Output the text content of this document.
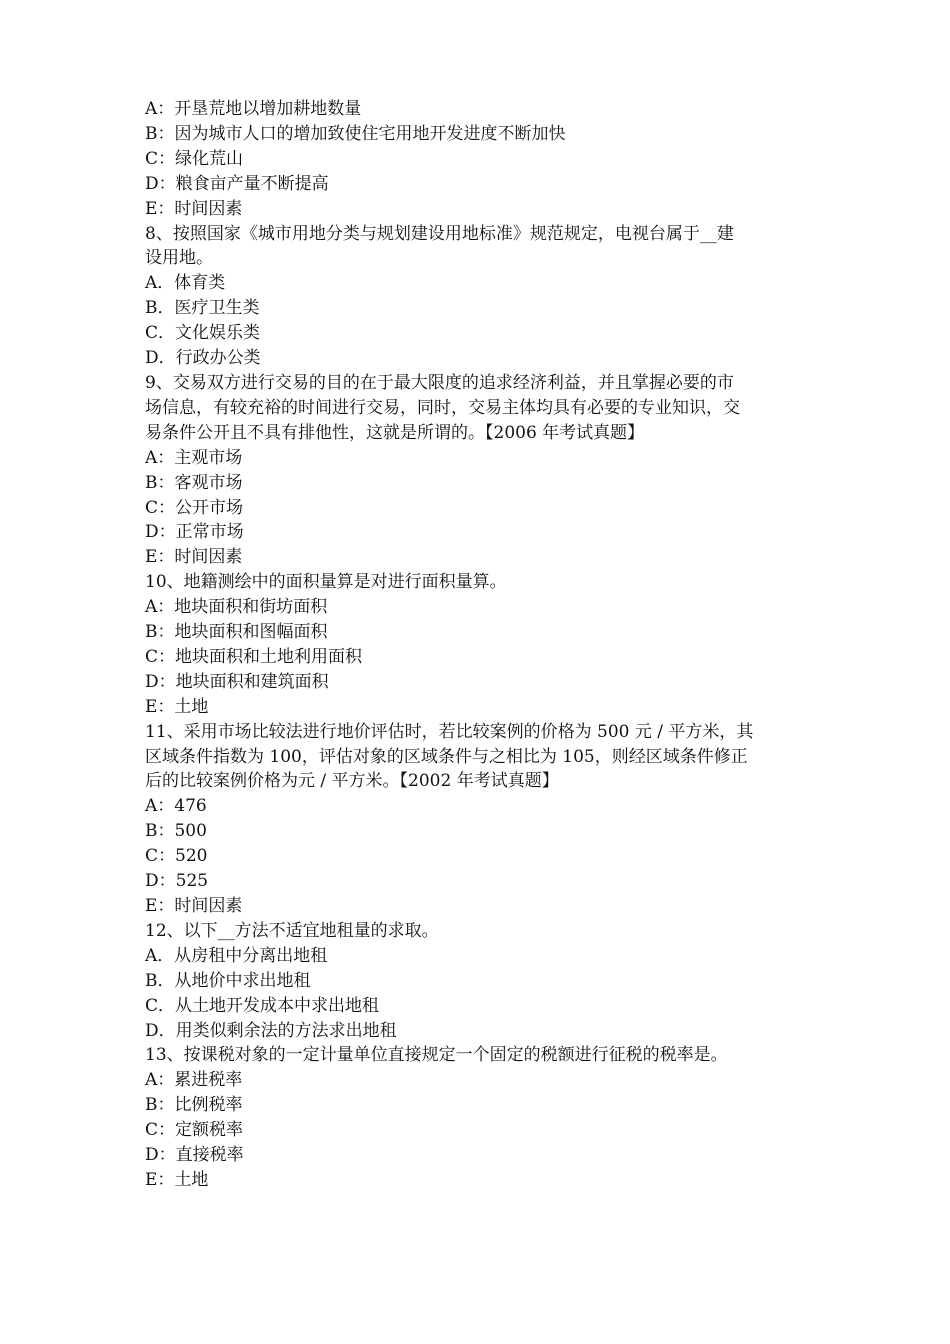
A：开垦荒地以增加耕地数量

B：因为城市人口的增加致使住宅用地开发进度不断加快

C：绿化荒山

D：粮食亩产量不断提高

E：时间因素

8、按照国家《城市用地分类与规划建设用地标准》规范规定，电视台属于__建

设用地。

A．体育类

B．医疗卫生类

C．文化娱乐类

D．行政办公类

9、交易双方进行交易的目的在于最大限度的追求经济利益，并且掌握必要的市

场信息，有较充裕的时间进行交易，同时，交易主体均具有必要的专业知识，交

易条件公开且不具有排他性，这就是所谓的。【2006 年考试真题】

A：主观市场

B：客观市场

C：公开市场

D：正常市场

E：时间因素

10、地籍测绘中的面积量算是对进行面积量算。

A：地块面积和街坊面积

B：地块面积和图幅面积

C：地块面积和土地利用面积

D：地块面积和建筑面积

E：土地

11、采用市场比较法进行地价评估时，若比较案例的价格为 500 元 / 平方米，其

区域条件指数为 100，评估对象的区域条件与之相比为 105，则经区域条件修正

后的比较案例价格为元 / 平方米。【2002 年考试真题】

A：476

B：500

C：520

D：525

E：时间因素

12、以下__方法不适宜地租量的求取。

A．从房租中分离出地租

B．从地价中求出地租

C．从土地开发成本中求出地租

D．用类似剩余法的方法求出地租

13、按课税对象的一定计量单位直接规定一个固定的税额进行征税的税率是。

A：累进税率

B：比例税率

C：定额税率

D：直接税率

E：土地
